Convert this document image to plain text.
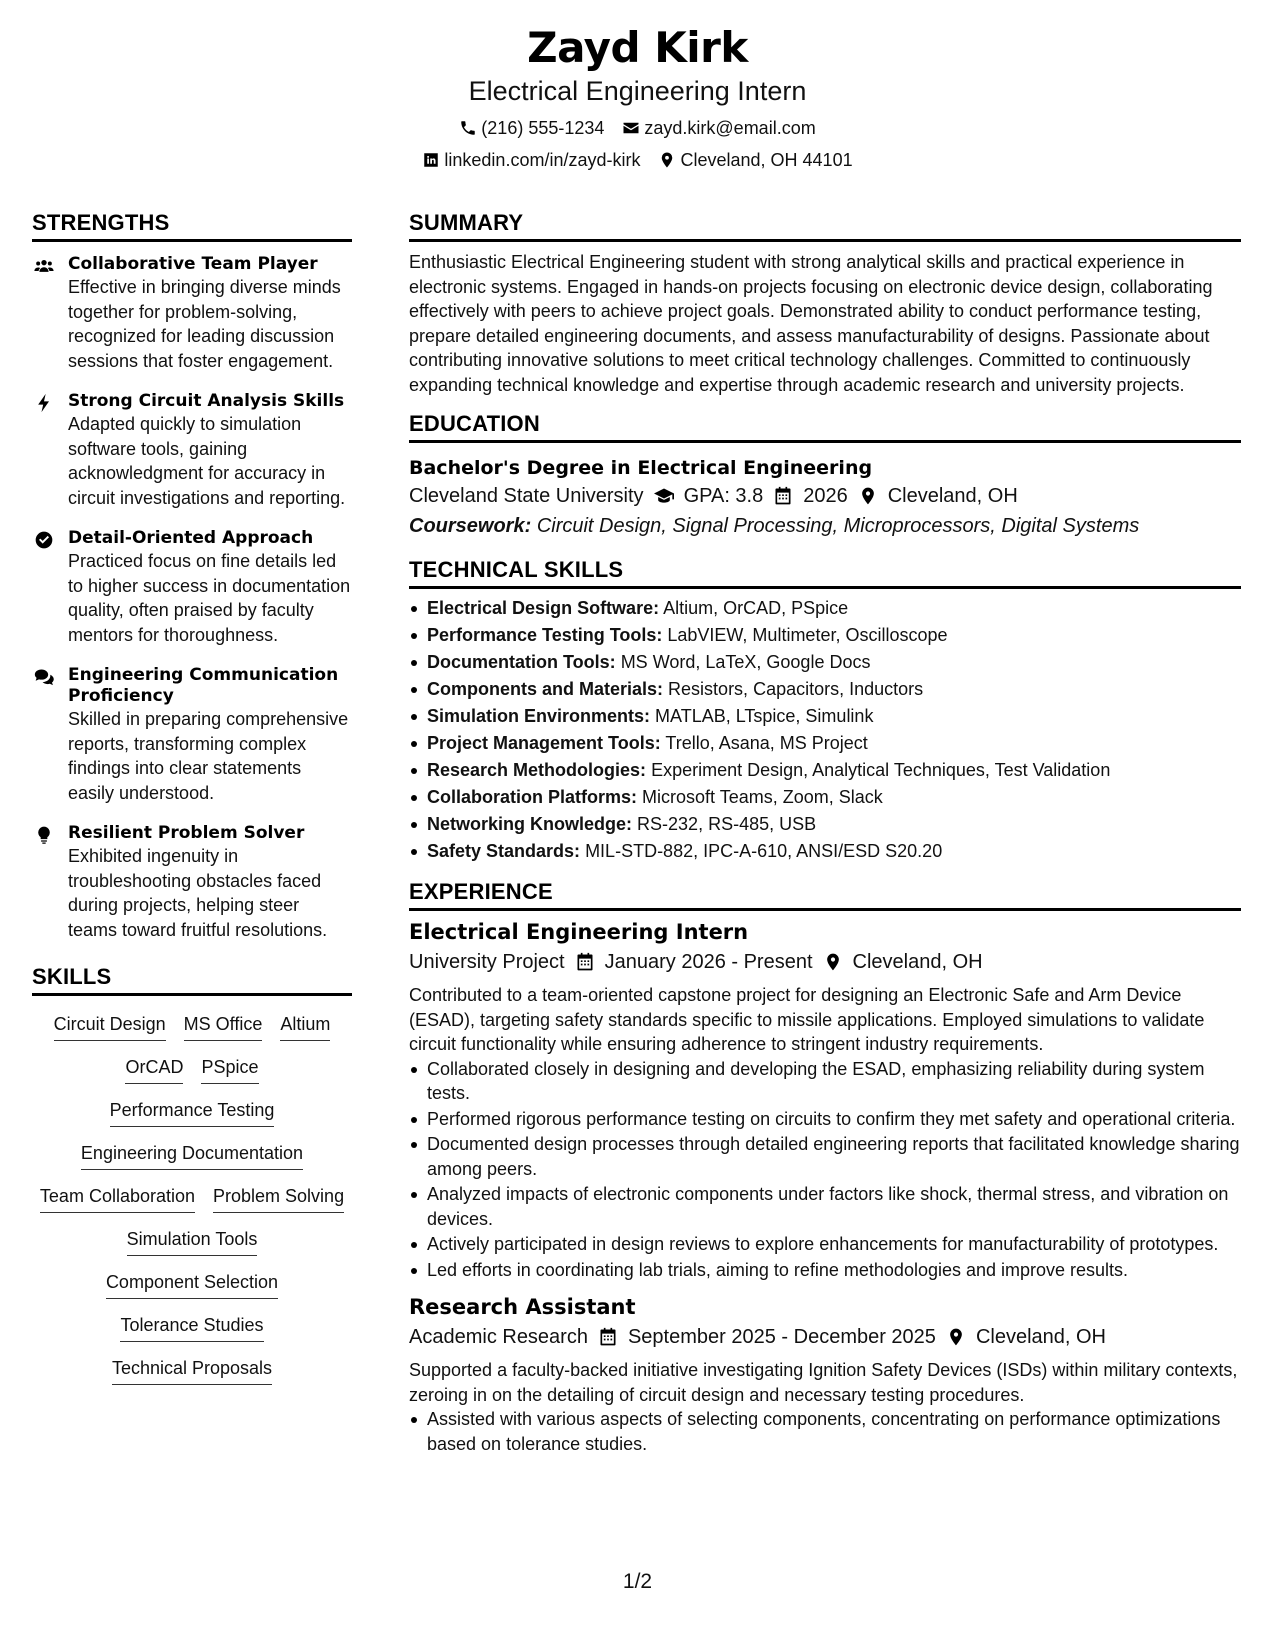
Zayd Kirk
Electrical Engineering Intern
(216) 555-1234 zayd.kirk@email.com
linkedin.com/in/zayd-kirk Cleveland, OH 44101
STRENGTHS
Collaborative Team Player
Effective in bringing diverse minds together for problem-solving, recognized for leading discussion sessions that foster engagement.
Strong Circuit Analysis Skills
Adapted quickly to simulation software tools, gaining acknowledgment for accuracy in circuit investigations and reporting.
Detail-Oriented Approach
Practiced focus on fine details led to higher success in documentation quality, often praised by faculty mentors for thoroughness.
Engineering Communication Proficiency
Skilled in preparing comprehensive reports, transforming complex findings into clear statements easily understood.
Resilient Problem Solver
Exhibited ingenuity in troubleshooting obstacles faced during projects, helping steer teams toward fruitful resolutions.
SKILLS
Circuit Design MS Office Altium
OrCAD PSpice
Performance Testing
Engineering Documentation
Team Collaboration Problem Solving
Simulation Tools
Component Selection
Tolerance Studies
Technical Proposals
SUMMARY

Enthusiastic Electrical Engineering student with strong analytical skills and practical experience in electronic systems. Engaged in hands-on projects focusing on electronic device design, collaborating effectively with peers to achieve project goals. Demonstrated ability to conduct performance testing, prepare detailed engineering documents, and assess manufacturability of designs. Passionate about contributing innovative solutions to meet critical technology challenges. Committed to continuously expanding technical knowledge and expertise through academic research and university projects.

EDUCATION
Bachelor's Degree in Electrical Engineering
Cleveland State University GPA: 3.8 2026 Cleveland, OH
Coursework: Circuit Design, Signal Processing, Microprocessors, Digital Systems
TECHNICAL SKILLS
Electrical Design Software: Altium, OrCAD, PSpice
Performance Testing Tools: LabVIEW, Multimeter, Oscilloscope
Documentation Tools: MS Word, LaTeX, Google Docs
Components and Materials: Resistors, Capacitors, Inductors
Simulation Environments: MATLAB, LTspice, Simulink
Project Management Tools: Trello, Asana, MS Project
Research Methodologies: Experiment Design, Analytical Techniques, Test Validation
Collaboration Platforms: Microsoft Teams, Zoom, Slack
Networking Knowledge: RS-232, RS-485, USB
Safety Standards: MIL-STD-882, IPC-A-610, ANSI/ESD S20.20
EXPERIENCE
Electrical Engineering Intern
University Project January 2026 - Present Cleveland, OH

Contributed to a team-oriented capstone project for designing an Electronic Safe and Arm Device (ESAD), targeting safety standards specific to missile applications. Employed simulations to validate circuit functionality while ensuring adherence to stringent industry requirements.

Collaborated closely in designing and developing the ESAD, emphasizing reliability during system tests.
Performed rigorous performance testing on circuits to confirm they met safety and operational criteria.
Documented design processes through detailed engineering reports that facilitated knowledge sharing among peers.
Analyzed impacts of electronic components under factors like shock, thermal stress, and vibration on devices.
Actively participated in design reviews to explore enhancements for manufacturability of prototypes.
Led efforts in coordinating lab trials, aiming to refine methodologies and improve results.
Research Assistant
Academic Research September 2025 - December 2025 Cleveland, OH

Supported a faculty-backed initiative investigating Ignition Safety Devices (ISDs) within military contexts, zeroing in on the detailing of circuit design and necessary testing procedures.

Assisted with various aspects of selecting components, concentrating on performance optimizations based on tolerance studies.
1/2
